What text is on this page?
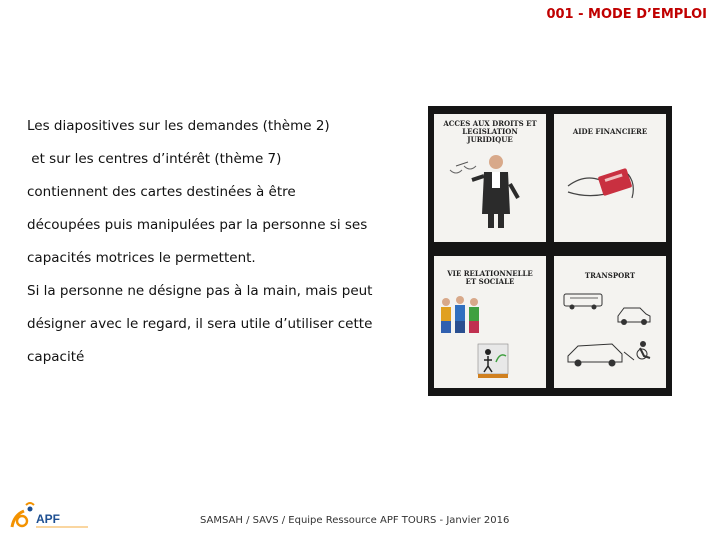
001 - MODE D’EMPLOI

Les diapositives sur les demandes (thème 2)

et sur les centres d’intérêt (thème 7)

contiennent des cartes destinées à être

découpées puis manipulées par la personne si ses

capacités motrices le permettent.

Si la personne ne désigne pas à la main, mais peut

désigner avec le regard, il sera utile d’utiliser cette

capacité

ACCES AUX DROITS ET
LEGISLATION
JURIDIQUE
AIDE FINANCIERE
VIE RELATIONNELLE
ET SOCIALE
TRANSPORT
APF	SAMSAH / SAVS / Equipe Ressource APF TOURS - Janvier 2016
